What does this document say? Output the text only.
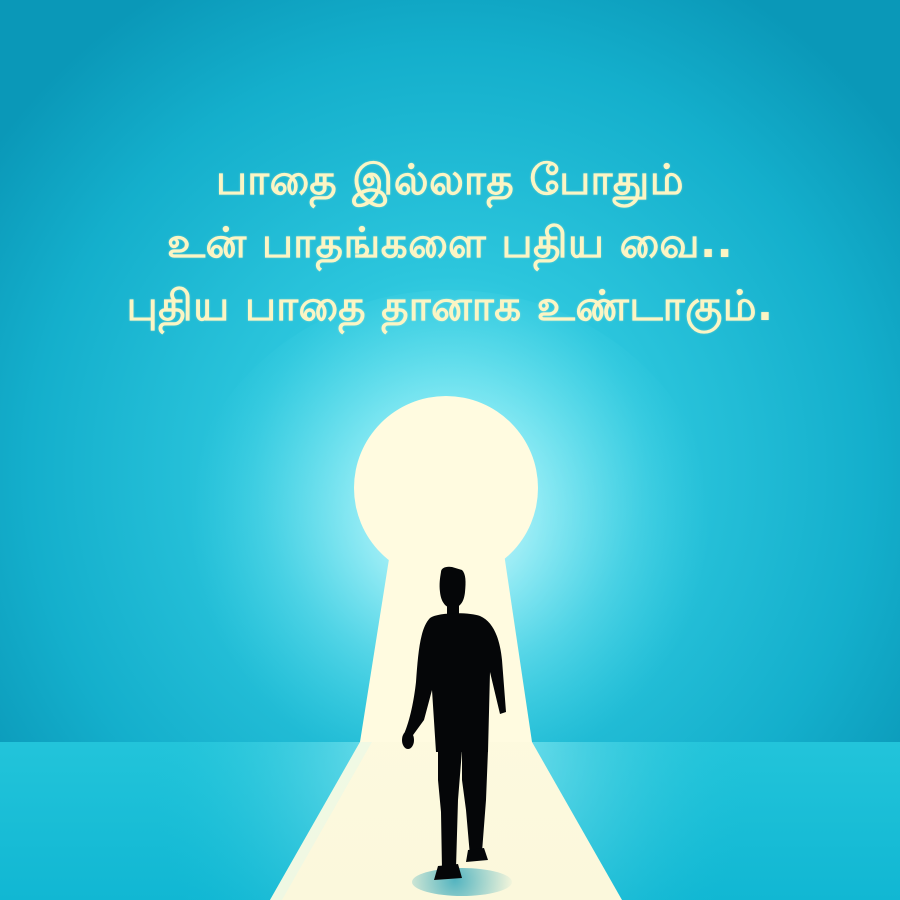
பாதை இல்லாத போதும்
உன் பாதங்களை பதிய வை..
புதிய பாதை தானாக உண்டாகும்.
